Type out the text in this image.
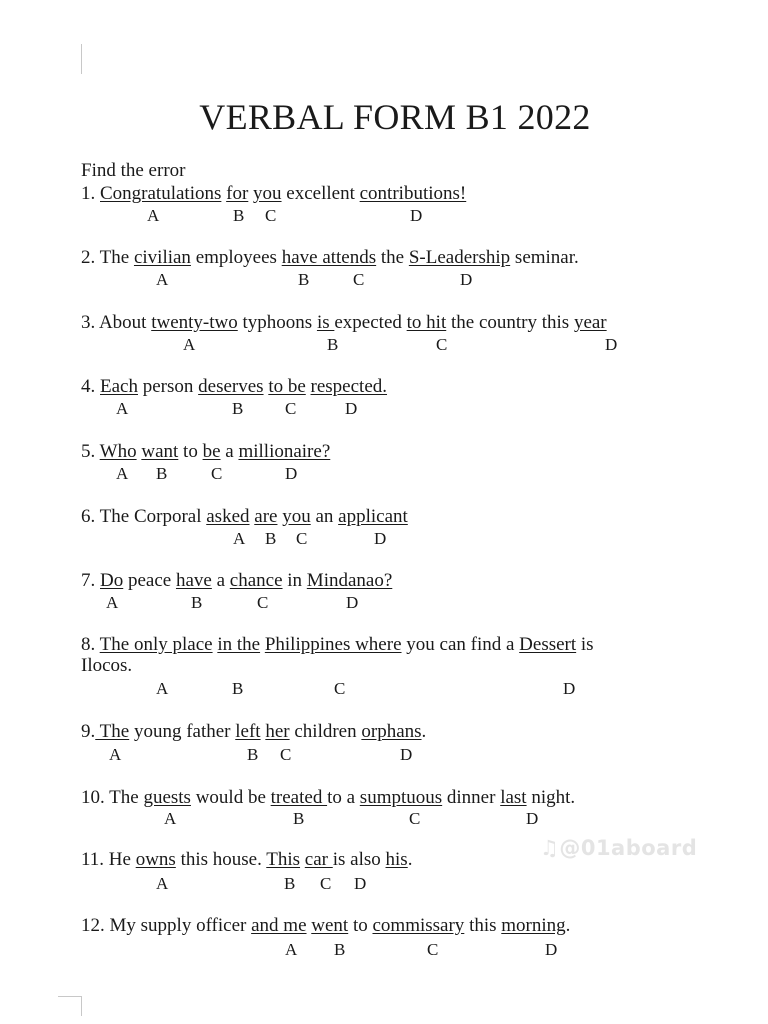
VERBAL FORM B1 2022
Find the error
1. Congratulations for you excellent contributions!
2. The civilian employees have attends the S-Leadership seminar.
3. About twenty-two typhoons is expected to hit the country this year
4. Each person deserves to be respected.
5. Who want to be a millionaire?
6. The Corporal asked are you an applicant
7. Do peace have a chance in Mindanao?
8. The only place in the Philippines where you can find a Dessert is
9. The young father left her children orphans.
10. The guests would be treated to a sumptuous dinner last night.
11. He owns this house. This car is also his.
12. My supply officer and me went to commissary this morning.
Ilocos.
A	B C	D
A	B	C	D
A	B	C	D
A	B C	D
A B	C	D
A B C	D
A	B	C	D
A	B	C	D
A	B C	D
A	B	C	D
A	B C D
A B	C	D
♫@01aboard
